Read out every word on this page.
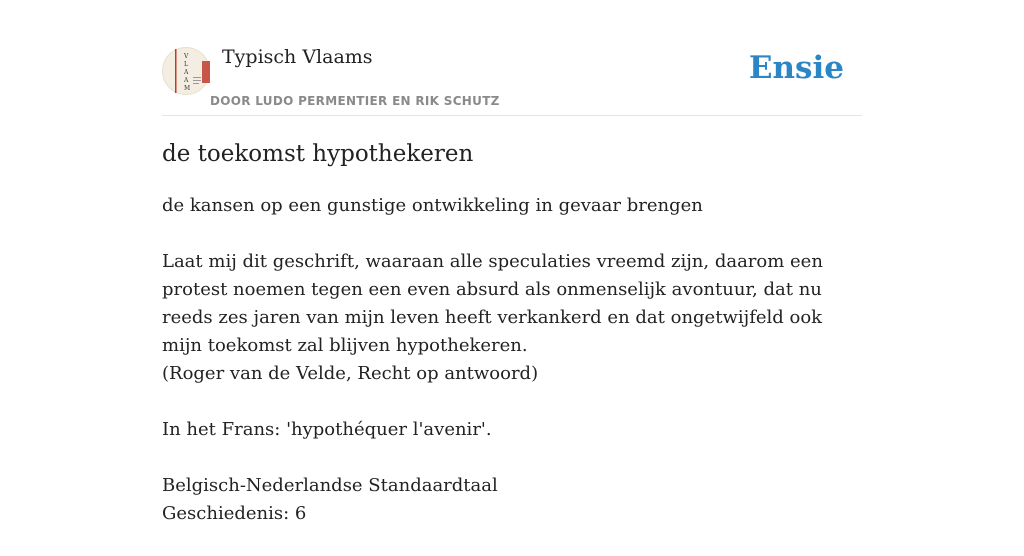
V
L
A
A
M
Typisch Vlaams
DOOR LUDO PERMENTIER EN RIK SCHUTZ
Ensie
de toekomst hypothekeren

de kansen op een gunstige ontwikkeling in gevaar brengen

Laat mij dit geschrift, waaraan alle speculaties vreemd zijn, daarom een protest noemen tegen een even absurd als onmenselijk avontuur, dat nu reeds zes jaren van mijn leven heeft verkankerd en dat ongetwijfeld ook mijn toekomst zal blijven hypothekeren.
(Roger van de Velde, Recht op antwoord)

In het Frans: 'hypothéquer l'avenir'.

Belgisch-Nederlandse Standaardtaal
Geschiedenis: 6
